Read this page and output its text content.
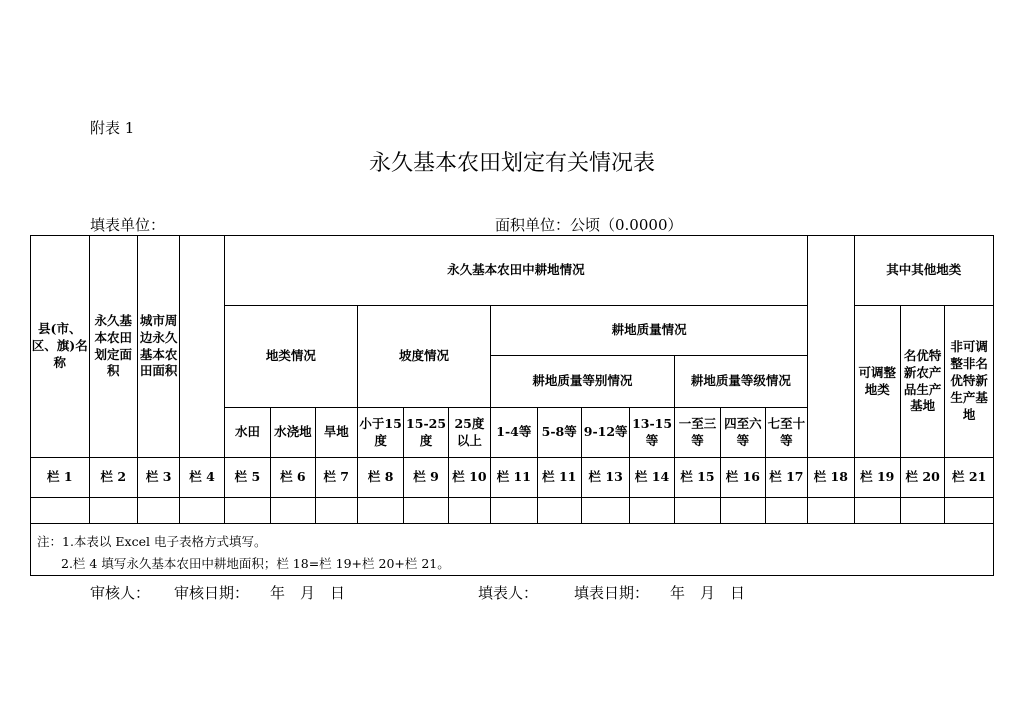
附表 1
永久基本农田划定有关情况表
填表单位：	面积单位：公顷（0.0000）
县(市、区、旗)名称	永久基本农田划定面积	城市周边永久基本农田面积		永久基本农田中耕地情况														其中其他地类		
				地类情况			坡度情况			耕地质量情况								可调整地类	名优特新农产品生产基地	非可调整非名优特新生产基地
										耕地质量等别情况				耕地质量等级情况						
				水田	水浇地	旱地	小于15度	15-25度	25度以上	1-4等	5-8等	9-12等	13-15等	一至三等	四至六等	七至十等				
栏 1	栏 2	栏 3	栏 4	栏 5	栏 6	栏 7	栏 8	栏 9	栏 10	栏 11	栏 11	栏 13	栏 14	栏 15	栏 16	栏 17	栏 18	栏 19	栏 20	栏 21

注：1.本表以 Excel 电子表格方式填写。
2.栏 4 填写永久基本农田中耕地面积；栏 18=栏 19+栏 20+栏 21。																				
审核人： 审核日期： 年　月　日	填表人： 填表日期： 年　月　日
